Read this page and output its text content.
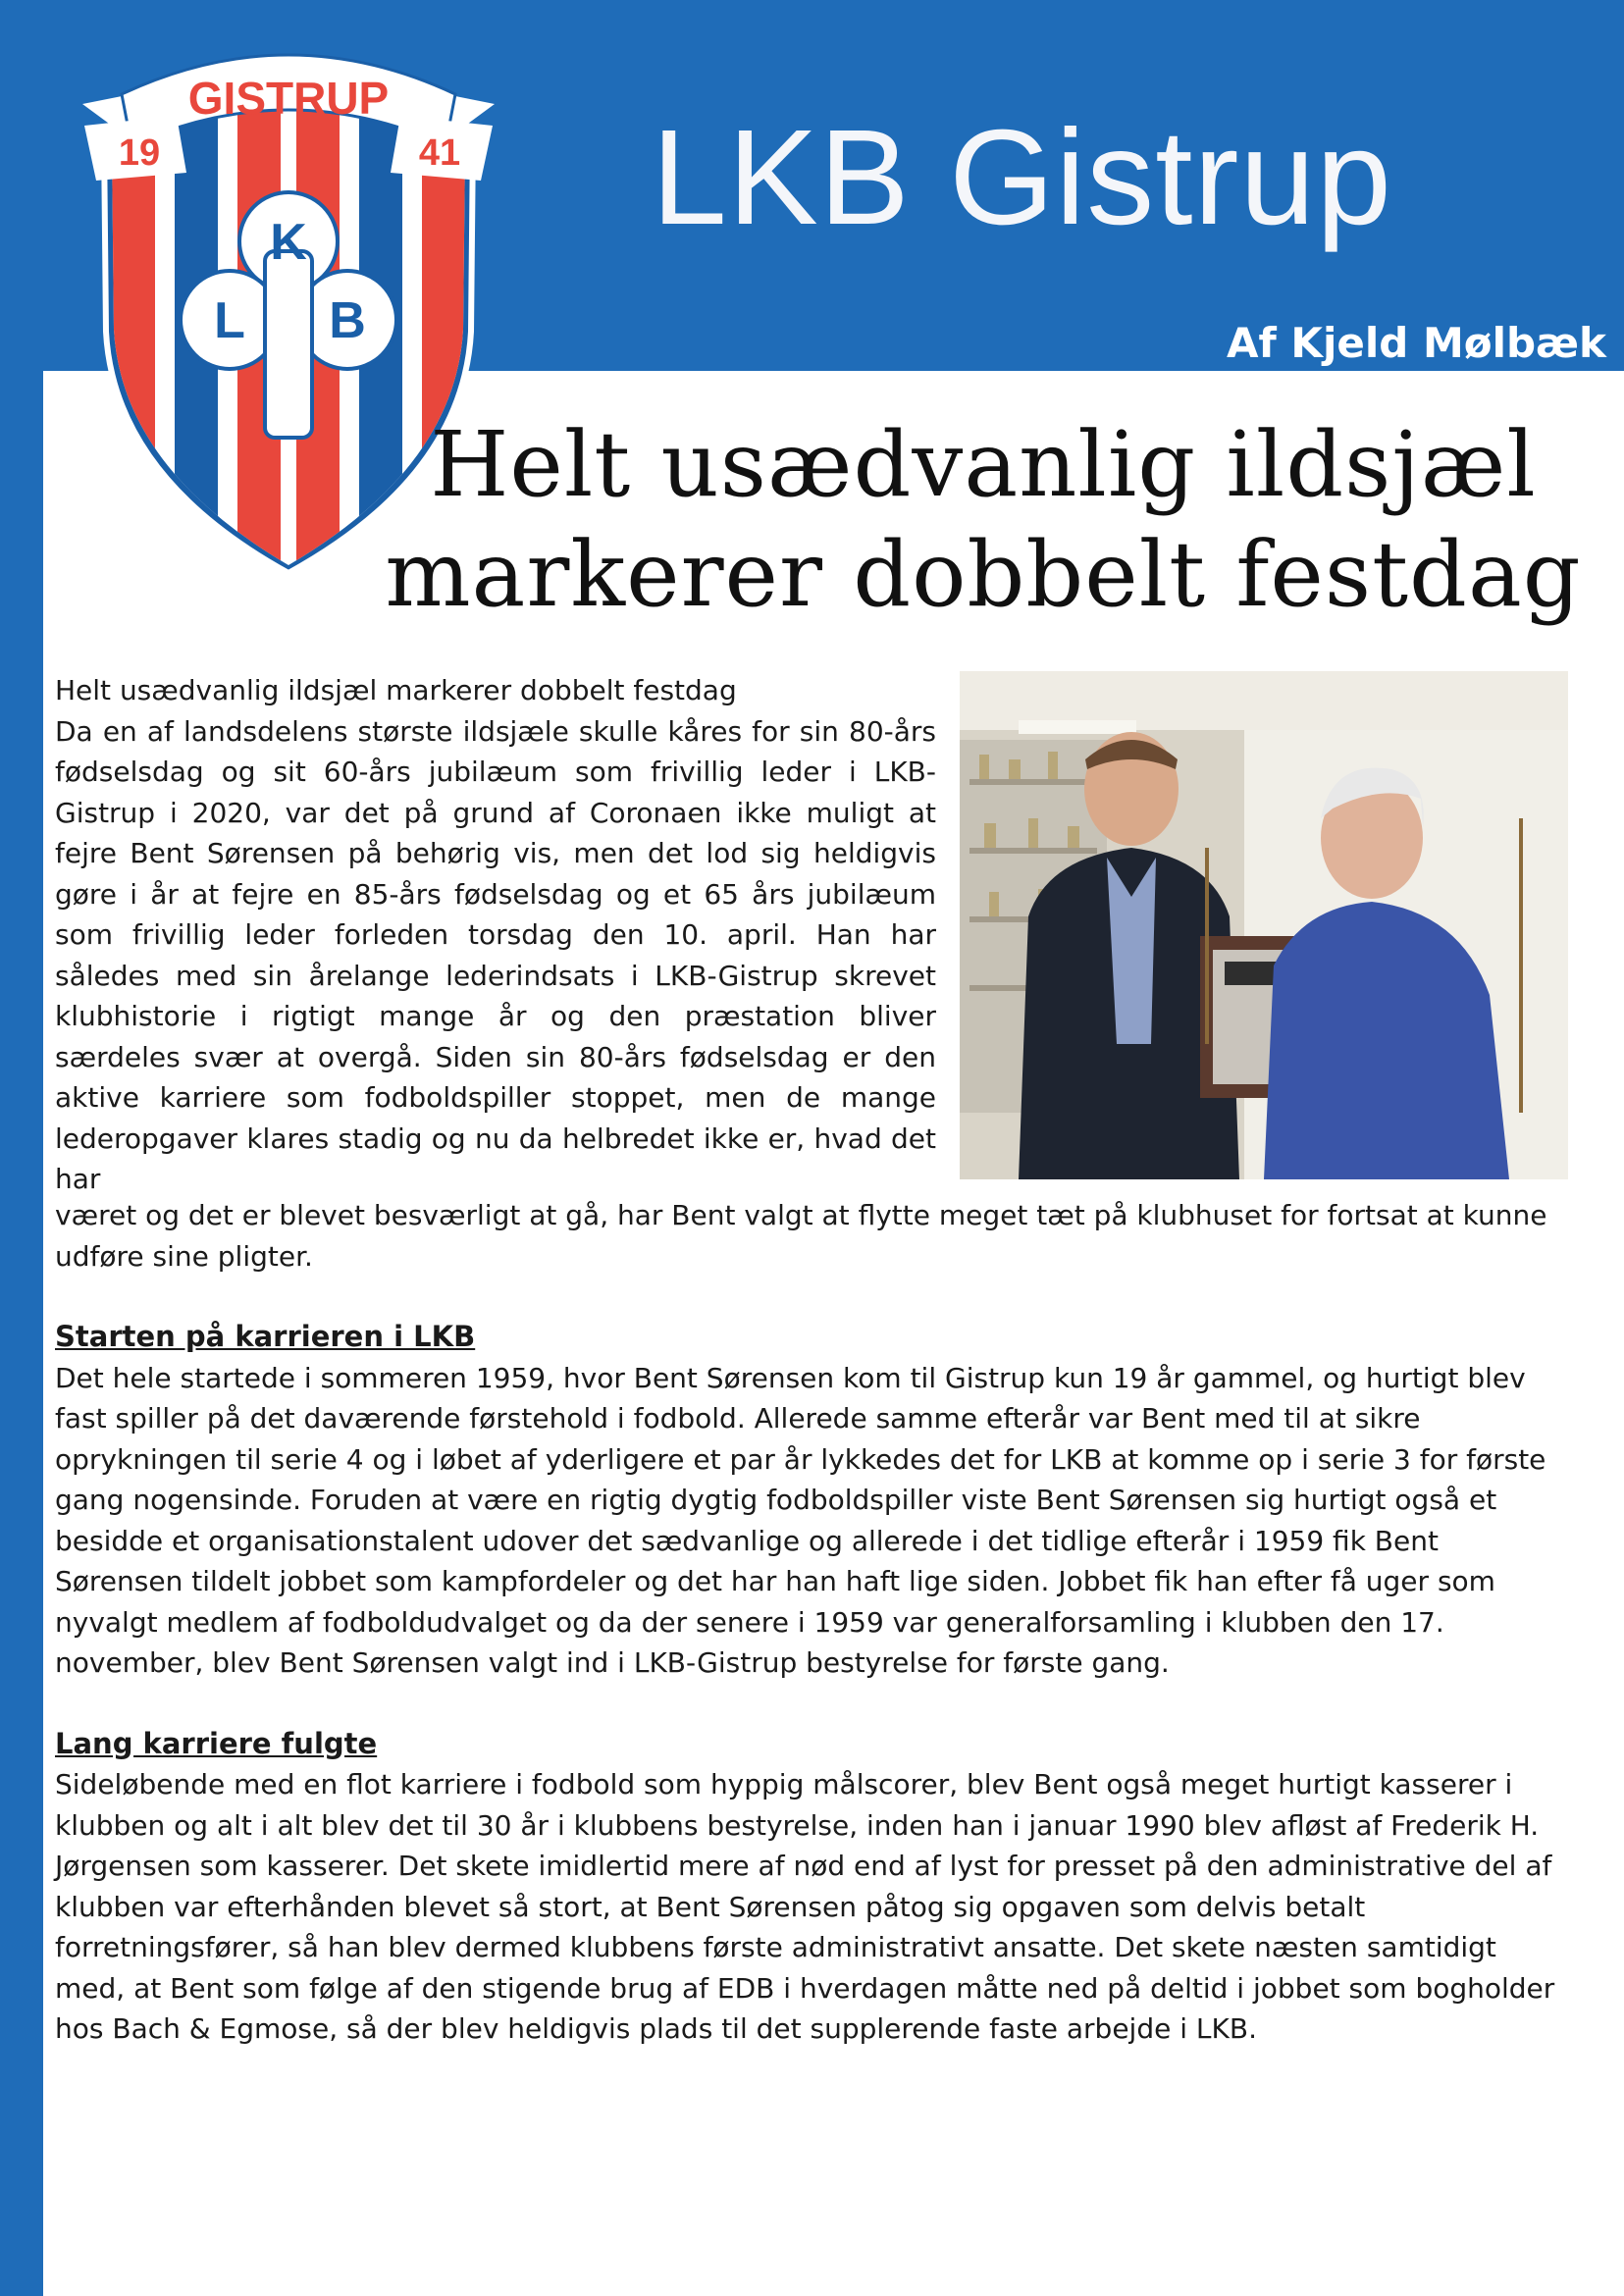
K
L B
GISTRUP
19	41 LKB Gistrup
Af Kjeld Mølbæk
Helt usædvanlig ildsjæl
markerer dobbelt festdag

Helt usædvanlig ildsjæl markerer dobbelt festdag

Da en af landsdelens største ildsjæle skulle kåres for sin 80-års fødselsdag og sit 60-års jubilæum som frivillig leder i LKB-Gistrup i 2020, var det på grund af Coronaen ikke muligt at fejre Bent Sørensen på behørig vis, men det lod sig heldigvis gøre i år at fejre en 85-års fødselsdag og et 65 års jubilæum som frivillig leder forleden torsdag den 10. april. Han har således med sin årelange lederindsats i LKB-Gistrup skrevet klubhistorie i rigtigt mange år og den præstation bliver særdeles svær at overgå. Siden sin 80-års fødselsdag er den aktive karriere som fodboldspiller stoppet, men de mange lederopgaver klares stadig og nu da helbredet ikke er, hvad det har

været og det er blevet besværligt at gå, har Bent valgt at flytte meget tæt på klubhuset for fortsat at kunne udføre sine pligter.

Starten på karrieren i LKB

Det hele startede i sommeren 1959, hvor Bent Sørensen kom til Gistrup kun 19 år gammel, og hurtigt blev fast spiller på det daværende førstehold i fodbold. Allerede samme efterår var Bent med til at sikre oprykningen til serie 4 og i løbet af yderligere et par år lykkedes det for LKB at komme op i serie 3 for første gang nogensinde. Foruden at være en rigtig dygtig fodboldspiller viste Bent Sørensen sig hurtigt også et besidde et organisationstalent udover det sædvanlige og allerede i det tidlige efterår i 1959 fik Bent Sørensen tildelt jobbet som kampfordeler og det har han haft lige siden. Jobbet fik han efter få uger som nyvalgt medlem af fodboldudvalget og da der senere i 1959 var generalforsamling i klubben den 17. november, blev Bent Sørensen valgt ind i LKB-Gistrup bestyrelse for første gang.

Lang karriere fulgte

Sideløbende med en flot karriere i fodbold som hyppig målscorer, blev Bent også meget hurtigt kasserer i klubben og alt i alt blev det til 30 år i klubbens bestyrelse, inden han i januar 1990 blev afløst af Frederik H. Jørgensen som kasserer. Det skete imidlertid mere af nød end af lyst for presset på den administrative del af klubben var efterhånden blevet så stort, at Bent Sørensen påtog sig opgaven som delvis betalt forretningsfører, så han blev dermed klubbens første administrativt ansatte. Det skete næsten samtidigt med, at Bent som følge af den stigende brug af EDB i hverdagen måtte ned på deltid i jobbet som bogholder hos Bach & Egmose, så der blev heldigvis plads til det supplerende faste arbejde i LKB.
